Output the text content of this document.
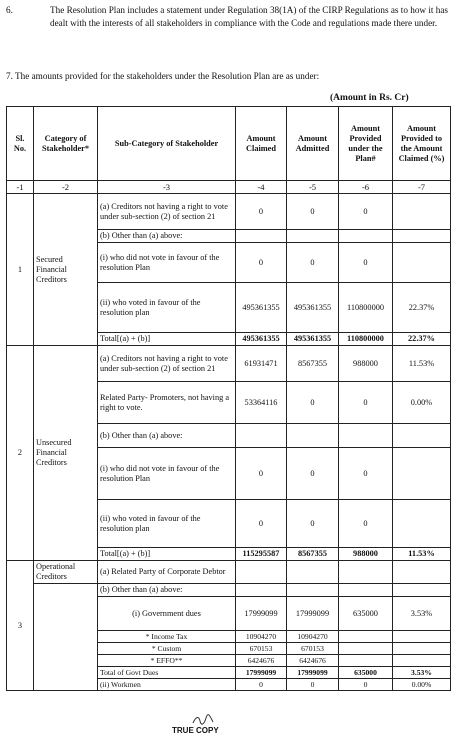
6.	The Resolution Plan includes a statement under Regulation 38(1A) of the CIRP Regulations as to how it has dealt with the interests of all stakeholders in compliance with the Code and regulations made there under.
7. The amounts provided for the stakeholders under the Resolution Plan are as under:
(Amount in Rs. Cr)
Sl. No.	Category of Stakeholder*	Sub-Category of Stakeholder	Amount Claimed	Amount Admitted	Amount Provided under the Plan#	Amount Provided to the Amount Claimed (%)
-1	-2	-3	-4	-5	-6	-7
1	Secured Financial Creditors	(a) Creditors not having a right to vote under sub-section (2) of section 21	0	0	0	
		(b) Other than (a) above:				
		(i) who did not vote in favour of the resolution Plan	0	0	0	
		(ii) who voted in favour of the resolution plan	495361355	495361355	110800000	22.37%
		Total[(a) + (b)]	495361355	495361355	110800000	22.37%
2	Unsecured Financial Creditors	(a) Creditors not having a right to vote under sub-section (2) of section 21	61931471	8567355	988000	11.53%
		Related Party- Promoters, not having a right to vote.	53364116	0	0	0.00%
		(b) Other than (a) above:				
		(i) who did not vote in favour of the resolution Plan	0	0	0	
		(ii) who voted in favour of the resolution plan	0	0	0	
		Total[(a) + (b)]	115295587	8567355	988000	11.53%
3	Operational Creditors	(a) Related Party of Corporate Debtor				
		(b) Other than (a) above:				
		(i) Government dues	17999099	17999099	635000	3.53%
		* Income Tax	10904270	10904270		
		* Custom	670153	670153		
		* EFFO**	6424676	6424676		
		Total of Govt Dues	17999099	17999099	635000	3.53%
		(ii) Workmen	0	0	0	0.00%
TRUE COPY
